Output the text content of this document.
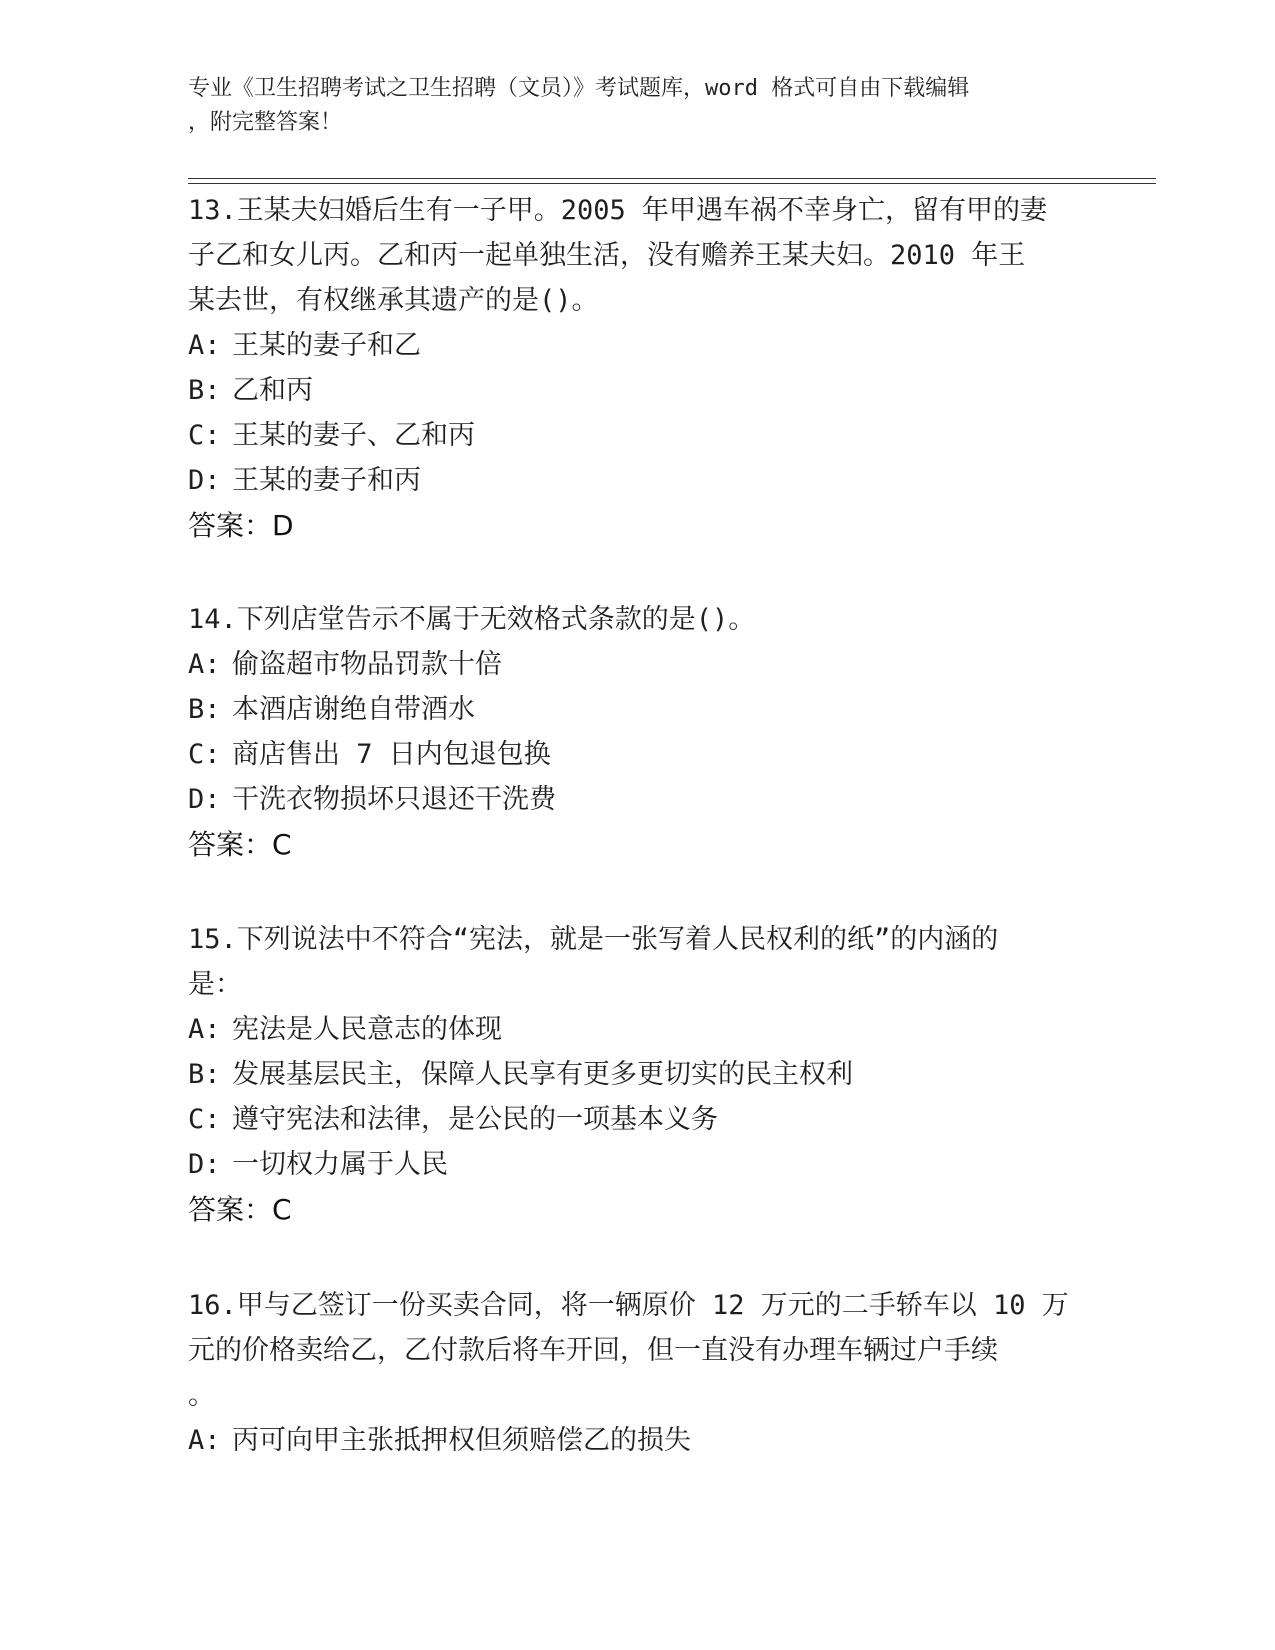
专业《卫生招聘考试之卫生招聘（文员）》考试题库，word 格式可自由下载编辑
，附完整答案！
13.王某夫妇婚后生有一子甲。2005 年甲遇车祸不幸身亡，留有甲的妻
子乙和女儿丙。乙和丙一起单独生活，没有赡养王某夫妇。2010 年王
某去世，有权继承其遗产的是()。
A: 王某的妻子和乙
B: 乙和丙
C: 王某的妻子、乙和丙
D: 王某的妻子和丙
答案：D
14.下列店堂告示不属于无效格式条款的是()。
A: 偷盗超市物品罚款十倍
B: 本酒店谢绝自带酒水
C: 商店售出 7 日内包退包换
D: 干洗衣物损坏只退还干洗费
答案：C
15.下列说法中不符合“宪法，就是一张写着人民权利的纸”的内涵的
是：
A: 宪法是人民意志的体现
B: 发展基层民主，保障人民享有更多更切实的民主权利
C: 遵守宪法和法律，是公民的一项基本义务
D: 一切权力属于人民
答案：C
16.甲与乙签订一份买卖合同，将一辆原价 12 万元的二手轿车以 10 万
元的价格卖给乙，乙付款后将车开回，但一直没有办理车辆过户手续
。
A: 丙可向甲主张抵押权但须赔偿乙的损失
